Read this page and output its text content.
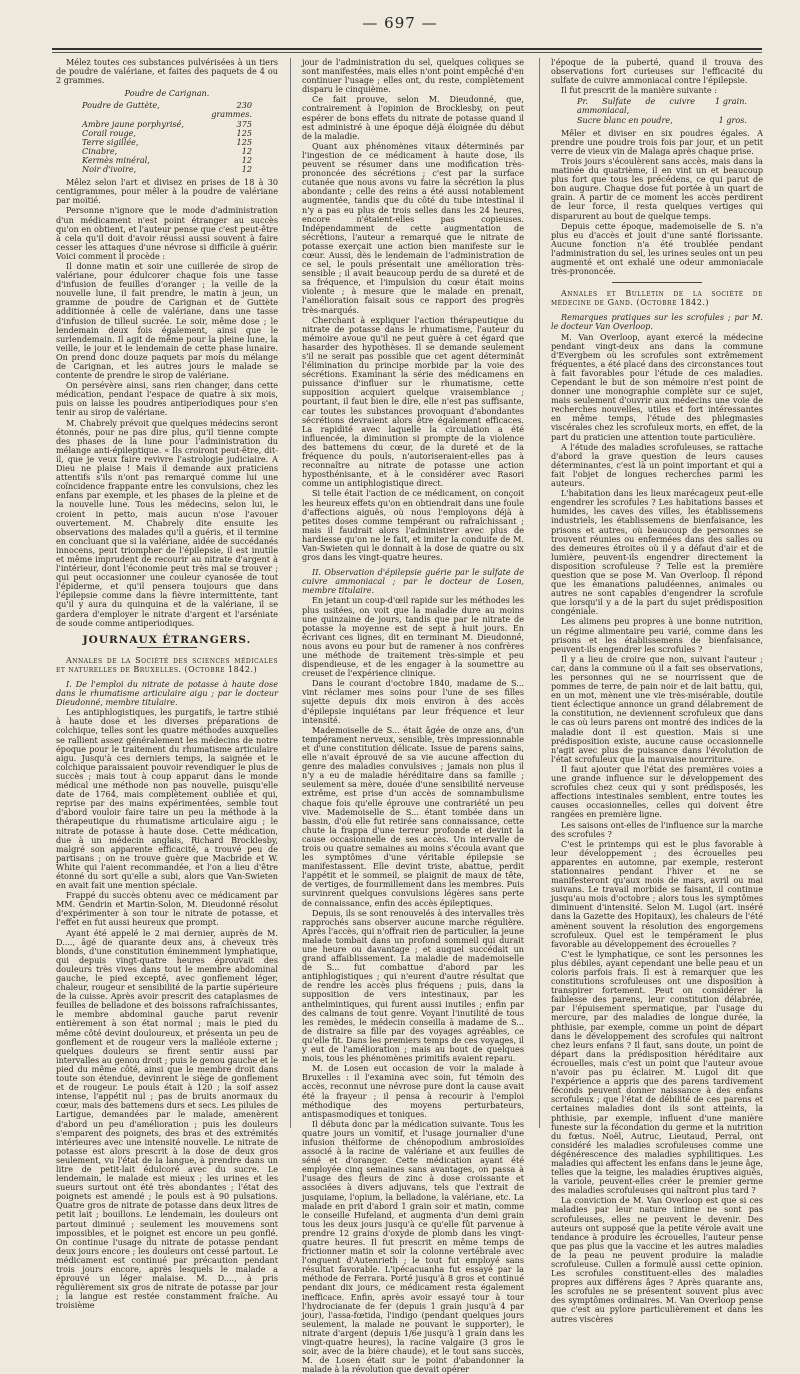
— 697 —

Mélez toutes ces substances pulvérisées à un tiers de poudre de valériane, et faites des paquets de 4 ou 2 grammes.

Poudre de Carignan.

Poudre de Guttète,	230 grammes.
Ambre jaune porphyrisé,	375
Corail rouge,	125
Terre sigillée,	125
Cinabre,	12
Kermès minéral,	12
Noir d'ivoire,	12

Mêlez selon l'art et divisez en prises de 18 à 30 centigrammes, pour mêler à la poudre de valériane par moitié.

Personne n'ignore que le mode d'administration d'un médicament n'est point étranger au succès qu'on en obtient, et l'auteur pense que c'est peut-être à cela qu'il doit d'avoir réussi aussi souvent à faire cesser les attaques d'une névrose si difficile à guérir. Voici comment il procède :

Il donne matin et soir une cuillerée de sirop de valériane, pour édulcorer chaque fois une tasse d'infusion de feuilles d'oranger ; la veille de la nouvelle lune, il fait prendre, le matin à jeun, un gramme de poudre de Carignan et de Guttète additionnée à celle de valériane, dans une tasse d'infusion de tilleul sucrée. Le soir, même dose ; le lendemain deux fois également, ainsi que le surlendemain. Il agit de même pour la pleine lune, la veille, le jour et le lendemain de cette phase lunaire. On prend donc douze paquets par mois du mélange de Carignan, et les autres jours le malade se contente de prendre le sirop de valériane.

On persévère ainsi, sans rien changer, dans cette médication, pendant l'espace de quatre à six mois, puis on laisse les poudres antiperiodiques pour s'en tenir au sirop de valériane.

M. Chabrely prévoit que quelques médecins seront étonnés, pour ne pas dire plus, qu'il tienne compte des phases de la lune pour l'administration du mélange anti-épileptique. « Ils croiront peut-être, dit-il, que je veux faire revivre l'astrologie judiciaire. A Dieu ne plaise ! Mais il demande aux praticiens attentifs s'ils n'ont pas remarqué comme lui une coïncidence frappante entre les convulsions, chez les enfans par exemple, et les phases de la pleine et de la nouvelle lune. Tous les médecins, selon lui, le croient in petto, mais aucun n'ose l'avouer ouvertement. M. Chabrely dite ensuite les observations des malades qu'il a guéris, et il termine en concluant que si la valériane, aidée de succédanés innocens, peut triompher de l'épilepsie, il est inutile et même imprudent de recourir au nitrate d'argent à l'intérieur, dont l'économie peut très mal se trouver ; qui peut occasionner une couleur cyanosée de tout l'épiderme, et qu'il pensera toujours que dans l'épilepsie comme dans la fièvre intermittente, tant qu'il y aura du quinquina et de la valériane, il se gardera d'employer le nitrate d'argent et l'arséniate de soude comme antiperiodiques.

JOURNAUX ÉTRANGERS.

Annales de la Société des sciences médicales et naturelles de Bruxelles. (Octobre 1842.)

I. De l'emploi du nitrate de potasse à haute dose dans le rhumatisme articulaire aigu ; par le docteur Dieudonné, membre titulaire.

Les antiphlogistiques, les purgatifs, le tartre stibié à haute dose et les diverses préparations de colchique, telles sont les quatre méthodes auxquelles se rallient assez généralement les médecins de notre époque pour le traitement du rhumatisme articulaire aigu. Jusqu'à ces derniers temps, la saignée et le colchique paraissaient pouvoir revendiquer le plus de succès ; mais tout à coup apparut dans le monde médical une méthode non pas nouvelle, puisqu'elle date de 1764, mais complètement oubliée et qui, reprise par des mains expérimentées, semble tout d'abord vouloir faire taire un peu la méthode à la thérapeutique du rhumatisme articulaire aigu ; le nitrate de potasse à haute dose. Cette médication, due à un médecin anglais, Richard Brocklesby, malgré son apparente efficacité, a trouvé peu de partisans ; on ne trouve guère que Macbride et W. White qui l'aient recommandée, et l'on a lieu d'être étonné du sort qu'elle a subi, alors que Van-Swieten en avait fait une mention spéciale.

Frappé du succès obtenu avec ce médicament par MM. Gendrin et Martin-Solon, M. Dieudonné résolut d'expérimenter à son tour le nitrate de potasse, et l'effet en fut aussi heureux que prompt.

Ayant été appelé le 2 mai dernier, auprès de M. D...., âgé de quarante deux ans, à cheveux très blonds, d'une constitution éminemment lymphatique, qui depuis vingt-quatre heures éprouvait des douleurs très vives dans tout le membre abdominal gauche, le pied excepté, avec gonflement léger, chaleur, rougeur et sensibilité de la partie supérieure de la cuisse. Après avoir prescrit des cataplasmes de feuilles de belladone et des boissons rafraîchissantes, le membre abdominal gauche parut revenir entièrement à son état normal ; mais le pied du même côté devint douloureux, et présenta un peu de gonflement et de rougeur vers la malléole externe ; quelques douleurs se firent sentir aussi par intervalles au genou droit ; puis le genou gauche et le pied du même côté, ainsi que le membre droit dans toute son étendue, devinrent le siège de gonflement et de rougeur. Le pouls était à 120 ; la soif assez intense, l'appétit nul ; pas de bruits anormaux du cœur, mais des battemens durs et secs. Les pilules de Lartigue, demandées par le malade, amenèrent d'abord un peu d'amélioration ; puis les douleurs s'emparent des poignets, des bras et des extrémités intérieures avec une intensité nouvelle. Le nitrate de potasse est alors prescrit à la dose de deux gros seulement, vu l'état de la langue, à prendre dans un litre de petit-lait édulcoré avec du sucre. Le lendemain, le malade est mieux ; les urines et les sueurs surtout ont été très abondantes ; l'état des poignets est amendé ; le pouls est à 90 pulsations. Quatre gros de nitrate de potasse dans deux litres de petit lait ; bouillons. Le lendemain, les douleurs ont partout diminué ; seulement les mouvemens sont impossibles, et le poignet est encore un peu gonflé. On continue l'usage du nitrate de potasse pendant deux jours encore ; les douleurs ont cessé partout. Le médicament est continué par précaution pendant trois jours encore, après lesquels le malade a éprouvé un léger malaise. M. D...., à pris régulièrement six gros de nitrate de potasse par jour ; la langue est restée constamment fraîche. Au troisième

jour de l'administration du sel, quelques coliques se sont manifestées, mais elles n'ont point empêché d'en continuer l'usage ; elles ont, du reste, complètement disparu le cinquième.

Ce fait prouve, selon M. Dieudonné, que, contrairement à l'opinion de Brocklesby, on peut espérer de bons effets du nitrate de potasse quand il est administré à une époque déjà éloignée du début de la maladie.

Quant aux phénomènes vitaux déterminés par l'ingestion de ce médicament à haute dose, ils peuvent se résumer dans une modification très-prononcée des sécrétions ; c'est par la surface cutanée que nous avons vu faire la sécrétion la plus abondante ; celle des reins a été aussi notablement augmentée, tandis que du côté du tube intestinal il n'y a pas eu plus de trois selles dans les 24 heures, encore n'étaient-elles pas copieuses. Indépendamment de cette augmentation de sécrétions, l'auteur a remarqué que le nitrate de potasse exerçait une action bien manifeste sur le cœur. Aussi, dès le lendemain de l'administration de ce sel, le pouls présentait une amélioration très-sensible ; il avait beaucoup perdu de sa dureté et de sa fréquence, et l'impulsion du cœur était moins violente ; à mesure que le malade en prenait, l'amélioration faisait sous ce rapport des progrès très-marqués.

Cherchant à expliquer l'action thérapeutique du nitrate de potasse dans le rhumatisme, l'auteur du mémoire avoue qu'il ne peut guère à cet égard que hasarder des hypothèses. Il se demande seulement s'il ne serait pas possible que cet agent déterminât l'élimination du principe morbide par la voie des sécrétions. Examinant la série des médicamens en puissance d'influer sur le rhumatisme, cette supposition acquiert quelque vraisemblance ; pourtant, il faut bien le dire, elle n'est pas suffisante, car toutes les substances provoquant d'abondantes sécrétions devraient alors être également efficaces. La rapidité avec laquelle la circulation a été influencée, la diminution si prompte de la violence des battemens du cœur, de la dureté et de la fréquence du pouls, n'autoriseraient-elles pas à reconnaître au nitrate de potasse une action hyposthénisante, et à le considérer avec Rasori comme un antiphlogistique direct.

Si telle était l'action de ce médicament, on conçoit les heureux effets qu'on en obtiendrait dans une foule d'affections aiguës, où nous l'employons déjà à petites doses comme tempérant ou rafraîchissant ; mais il faudrait alors l'administrer avec plus de hardiesse qu'on ne le fait, et imiter la conduite de M. Van-Swieten qui le donnait à la dose de quatre ou six gros dans les vingt-quatre heures.

II. Observation d'épilepsie guérie par le sulfate de cuivre ammoniacal ; par le docteur de Losen, membre titulaire.

En jetant un coup-d'œil rapide sur les méthodes les plus usitées, on voit que la maladie dure au moins une quinzaine de jours, tandis que par le nitrate de potasse la moyenne est de sept à huit jours. En écrivant ces lignes, dit en terminant M. Dieudonné, nous avons eu pour but de ramener à nos confrères une méthode de traitement très-simple et peu dispendieuse, et de les engager à la soumettre au creuset de l'expérience clinique.

Dans le courant d'octobre 1840, madame de S... vint réclamer mes soins pour l'une de ses filles sujette depuis dix mois environ à des accès d'épilepsie inquiétans par leur fréquence et leur intensité.

Mademoiselle de S... était âgée de onze ans, d'un tempérament nerveux, sensible, très impressionnable et d'une constitution délicate. Issue de parens sains, elle n'avait éprouvé de sa vie aucune affection du genre des maladies convulsives ; jamais non plus il n'y a eu de maladie héréditaire dans sa famille ; seulement sa mère, douée d'une sensibilité nerveuse extrême, est prise d'un accès de somnambulisme chaque fois qu'elle éprouve une contrariété un peu vive. Mademoiselle de S... étant tombée dans un bassin, d'où elle fut retirée sans connaissance, cette chute la frappa d'une terreur profonde et devint la cause occasionnelle de ses accès. Un intervalle de trois ou quatre semaines au moins s'écoula avant que les symptômes d'une véritable épilepsie se manifestassent. Elle devint triste, abattue, perdit l'appétit et le sommeil, se plaignit de maux de tête, de vertiges, de fourmillement dans les membres. Puis survinrent quelques convulsions légères sans perte de connaissance, enfin des accès épileptiques.

Depuis, ils se sont renouvelés à des intervalles très rapprochés sans observer aucune marche régulière. Après l'accès, qui n'offrait rien de particulier, la jeune malade tombait dans un profond sommeil qui durait une heure ou davantage ; et auquel succédait un grand affaiblissement. La maladie de mademoiselle de S... fut combattue d'abord par les antiphlogistiques ; qui n'eurent d'autre résultat que de rendre les accès plus fréquens ; puis, dans la supposition de vers intestinaux, par les anthelmintiques, qui furent aussi inutiles ; enfin par des calmans de tout genre. Voyant l'inutilité de tous les remèdes, le médecin conseilla à madame de S... de distraire sa fille par des voyages agréables, ce qu'elle fit. Dans les premiers temps de ces voyages, il y eut de l'amélioration ; mais au bout de quelques mois, tous les phénomènes primitifs avaient reparu.

M. de Losen eut occasion de voir la malade à Bruxelles : il l'examina avec soin, fut témoin des accès, reconnut une névrose pure dont la cause avait été la frayeur ; il pensa à recourir à l'emploi méthodique des moyens perturbateurs, antispasmodiques et toniques.

Il débuta donc par la médication suivante. Tous les quatre jours un vomitif, et l'usage journalier d'une infusion théiforme de chénopodium ambrosioïdes associé à la racine de valériane et aux feuilles de séné et d'oranger. Cette médication ayant été employée cinq semaines sans avantages, on passa à l'usage des fleurs de zinc à dose croissante et associées à divers adjuvans, tels que l'extrait de jusquiame, l'opium, la belladone, la valériane, etc. La malade en prit d'abord 1 grain soir et matin, comme le conseille Hufeland, et augmenta d'un demi grain tous les deux jours jusqu'à ce qu'elle fût parvenue à prendre 12 grains d'oxyde de plomb dans les vingt-quatre heures. Il fut prescrit en même temps de frictionner matin et soir la colonne vertébrale avec l'onguent d'Autenrieth ; le tout fut employé sans résultat favorable. L'ipécacuanha fut essayé par la méthode de Ferrara. Porté jusqu'à 8 gros et continué pendant dix jours, ce médicament resta également inefficace. Enfin, après avoir essayé tour à tour l'hydrocianate de fer (depuis 1 grain jusqu'à 4 par jour), l'assa-fœtida, l'indigo (pendant quelques jours seulement, la malade ne pouvant le supporter), le nitrate d'argent (depuis 1/6e jusqu'à 1 grain dans les vingt-quatre heures), la racine valgaire (3 gros le soir, avec de la bière chaude), et le tout sans succès, M. de Losen était sur le point d'abandonner la malade à la révolution que devait opérer

l'époque de la puberté, quand il trouva des observations fort curieuses sur l'efficacité du sulfate de cuivre ammoniacal contre l'épilepsie.

Il fut prescrit de la manière suivante :

Pr. Sulfate de cuivre ammoniacal,
1 grain.
Sucre blanc en poudre,	1 gros.

Mêler et diviser en six poudres égales. A prendre une poudre trois fois par jour, et un petit verre de vieux vin de Malaga après chaque prise.

Trois jours s'écoulèrent sans accès, mais dans la matinée du quatrième, il en vint un et beaucoup plus fort que tous les précédens, ce qui parut de bon augure. Chaque dose fut portée à un quart de grain. A partir de ce moment les accès perdirent de leur force, il resta quelques vertiges qui disparurent au bout de quelque temps.

Depuis cette époque, mademoiselle de S. n'a plus eu d'accès et jouit d'une santé florissante. Aucune fonction n'a été troublée pendant l'administration du sel, les urines seules ont un peu augmenté et ont exhalé une odeur ammoniacale très-prononcée.

Annales et Bulletin de la société de médecine de Gand. (Octobre 1842.)

Remarques pratiques sur les scrofules ; par M. le docteur Van Overloop.

M. Van Overloop, ayant exercé la médecine pendant vingt-deux ans dans la commune d'Evergbem où les scrofules sont extrêmement fréquentes, a été placé dans des circonstances tout à fait favorables pour l'étude de ces maladies. Cependant le but de son mémoire n'est point de donner une monographie complète sur ce sujet, mais seulement d'ouvrir aux médecins une voie de recherches nouvelles, utiles et fort intéressantes en même temps, l'étude des phlegmasies viscérales chez les scrofuleux morts, en effet, de la part du praticien une attention toute particulière.

A l'étude des maladies scrofuleuses, se rattache d'abord la grave question de leurs causes déterminantes, c'est là un point important et qui a fait l'objet de longues recherches parmi les auteurs.

L'habitation dans les lieux marécageux peut-elle engendrer les scrofules ? Les habitations basses et humides, les caves des villes, les établissemens industriels, les établissemens de bienfaisance, les prisons et autres, où beaucoup de personnes se trouvent réunies ou enfermées dans des salles ou des demeures étroites où il y a défaut d'air et de lumière, peuvent-ils engendrer directement la disposition scrofuleuse ? Telle est la première question que se pose M. Van Overloop. Il répond que les émanations paludéennes, animales ou autres ne sont capables d'engendrer la scrofule que lorsqu'il y a de la part du sujet prédisposition congéniale.

Les alimens peu propres à une bonne nutrition, un régime alimentaire peu varié, comme dans les prisons et les établissemens de bienfaisance, peuvent-ils engendrer les scrofules ?

Il y a lieu de croire que non, suivant l'auteur ; car, dans la commune où il a fait ses observations, les personnes qui ne se nourrissent que de pommes de terre, de pain noir et de lait battu, qui, en un mot, mènent une vie très-misérable, doutile tient éclectique annonce un grand délabrement de la constitution, ne deviennent scrofuleux que dans le cas où leurs parens ont montré des indices de la maladie dont il est question. Mais si une prédisposition existe, aucune cause occasionnelle n'agit avec plus de puissance dans l'évolution de l'état scrofuleux que la mauvaise nourriture.

Il faut ajouter que l'état des premières voies a une grande influence sur le développement des scrofules chez ceux qui y sont prédisposés, les affections intestinales semblent, entre toutes les causes occasionnelles, celles qui doivent être rangées en première ligne.

Les saisons ont-elles de l'influence sur la marche des scrofules ?

C'est le printemps qui est le plus favorable à leur développement ; des écrouelles peu apparentes en automne, par exemple, resteront stationnaires pendant l'hiver et ne se manifesteront qu'aux mois de mars, avril ou mai suivans. Le travail morbide se faisant, il continue jusqu'au mois d'octobre ; alors tous les symptômes diminuent d'intensité. Selon M. Lugol (art. inséré dans la Gazette des Hopitaux), les chaleurs de l'été amènent souvent la résolution des engorgemens scrofuleux. Quel est le tempérament le plus favorable au développement des écrouelles ?

C'est le lymphatique, ce sont les personnes les plus débiles, ayant cependant une belle peau et un coloris parfois frais. Il est à remarquer que les constitutions scrofuleuses ont une disposition à transpirer fortement. Peut on considérer la faiblesse des parens, leur constitution délabrée, par l'épuisement spermatique, par l'usage du mercure, par des maladies de longue durée, la phthisie, par exemple, comme un point de départ dans le développement des scrofules qui naîtront chez leurs enfans ? Il faut, sans doute, un point de départ dans la prédisposition héréditaire aux écrouelles, mais c'est un point que l'auteur avoue n'avoir pas pu éclairer. M. Lugol dit que l'expérience a appris que des parens tardivement féconds peuvent donner naissance à des enfans scrofuleux ; que l'état de débilité de ces parens et certaines maladies dont ils sont atteints, la phthisie, par exemple, influent d'une manière funeste sur la fécondation du germe et la nutrition du fœtus. Noël, Autruc, Lieutaud, Perral, ont considéré les maladies scrofuleuses comme une dégénérescence des maladies syphilitiques. Les maladies qui affectent les enfans dans le jeune âge, telles que la teigne, les maladies éruptives aiguës, la variole, peuvent-elles créer le premier germe des maladies scrofuleuses qui naîtront plus tard ?

La conviction de M. Van Overloop est que si ces maladies par leur nature intime ne sont pas scrofuleuses, elles ne peuvent le devenir. Des auteurs ont supposé que la petite vérole avait une tendance à produire les écrouelles, l'auteur pense que pas plus que la vaccine et les autres maladies de la peau ne peuvent produire la maladie scrofuleuse. Cullen a formulé aussi cette opinion. Les scrofules constituent-elles des maladies propres aux différens âges ? Après quarante ans, les scrofules ne se présentent souvent plus avec des symptômes ordinaires. M. Van Overloop pense que c'est au pylore particulièrement et dans les autres viscères
